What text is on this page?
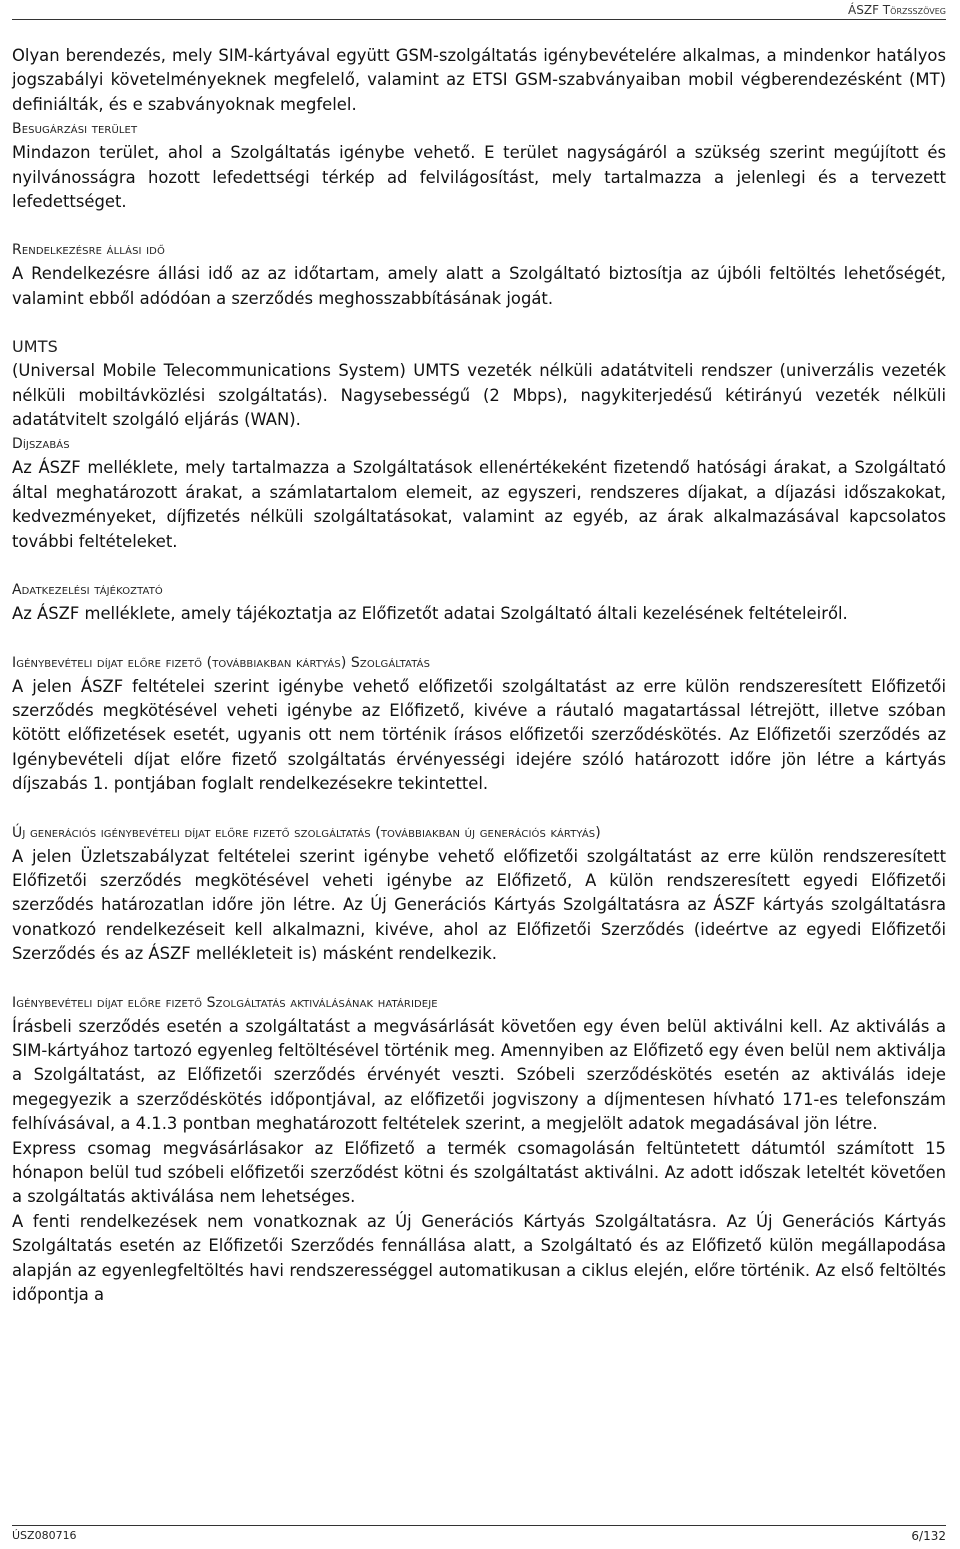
ÁSZF Törzsszöveg

Olyan berendezés, mely SIM-kártyával együtt GSM-szolgáltatás igénybevételére alkalmas, a mindenkor hatályos jogszabályi követelményeknek megfelelő, valamint az ETSI GSM-szabványaiban mobil végberendezésként (MT) definiálták, és e szabványoknak megfelel.

Besugárzási terület

Mindazon terület, ahol a Szolgáltatás igénybe vehető. E terület nagyságáról a szükség szerint megújított és nyilvánosságra hozott lefedettségi térkép ad felvilágosítást, mely tartalmazza a jelenlegi és a tervezett lefedettséget.

Rendelkezésre állási idő

A Rendelkezésre állási idő az az időtartam, amely alatt a Szolgáltató biztosítja az újbóli feltöltés lehetőségét, valamint ebből adódóan a szerződés meghosszabbításának jogát.

UMTS

(Universal Mobile Telecommunications System) UMTS vezeték nélküli adatátviteli rendszer (univerzális vezeték nélküli mobiltávközlési szolgáltatás). Nagysebességű (2 Mbps), nagykiterjedésű kétirányú vezeték nélküli adatátvitelt szolgáló eljárás (WAN).

Díjszabás

Az ÁSZF melléklete, mely tartalmazza a Szolgáltatások ellenértékeként fizetendő hatósági árakat, a Szolgáltató által meghatározott árakat, a számlatartalom elemeit, az egyszeri, rendszeres díjakat, a díjazási időszakokat, kedvezményeket, díjfizetés nélküli szolgáltatásokat, valamint az egyéb, az árak alkalmazásával kapcsolatos további feltételeket.

Adatkezelési tájékoztató

Az ÁSZF melléklete, amely tájékoztatja az Előfizetőt adatai Szolgáltató általi kezelésének feltételeiről.

Igénybevételi díjat előre fizető (továbbiakban kártyás) Szolgáltatás

A jelen ÁSZF feltételei szerint igénybe vehető előfizetői szolgáltatást az erre külön rendszeresített Előfizetői szerződés megkötésével veheti igénybe az Előfizető, kivéve a ráutaló magatartással létrejött, illetve szóban kötött előfizetések esetét, ugyanis ott nem történik írásos előfizetői szerződéskötés. Az Előfizetői szerződés az Igénybevételi díjat előre fizető szolgáltatás érvényességi idejére szóló határozott időre jön létre a kártyás díjszabás 1. pontjában foglalt rendelkezésekre tekintettel.

Új generációs igénybevételi díjat előre fizető szolgáltatás (továbbiakban új generációs kártyás)

A jelen Üzletszabályzat feltételei szerint igénybe vehető előfizetői szolgáltatást az erre külön rendszeresített Előfizetői szerződés megkötésével veheti igénybe az Előfizető, A külön rendszeresített egyedi Előfizetői szerződés határozatlan időre jön létre. Az Új Generációs Kártyás Szolgáltatásra az ÁSZF kártyás szolgáltatásra vonatkozó rendelkezéseit kell alkalmazni, kivéve, ahol az Előfizetői Szerződés (ideértve az egyedi Előfizetői Szerződés és az ÁSZF mellékleteit is) másként rendelkezik.

Igénybevételi díjat előre fizető Szolgáltatás aktiválásának határideje

Írásbeli szerződés esetén a szolgáltatást a megvásárlását követően egy éven belül aktiválni kell. Az aktiválás a SIM-kártyához tartozó egyenleg feltöltésével történik meg. Amennyiben az Előfizető egy éven belül nem aktiválja a Szolgáltatást, az Előfizetői szerződés érvényét veszti. Szóbeli szerződéskötés esetén az aktiválás ideje megegyezik a szerződéskötés időpontjával, az előfizetői jogviszony a díjmentesen hívható 171-es telefonszám felhívásával, a 4.1.3 pontban meghatározott feltételek szerint, a megjelölt adatok megadásával jön létre.

Express csomag megvásárlásakor az Előfizető a termék csomagolásán feltüntetett dátumtól számított 15 hónapon belül tud szóbeli előfizetői szerződést kötni és szolgáltatást aktiválni. Az adott időszak leteltét követően a szolgáltatás aktiválása nem lehetséges.

A fenti rendelkezések nem vonatkoznak az Új Generációs Kártyás Szolgáltatásra. Az Új Generációs Kártyás Szolgáltatás esetén az Előfizetői Szerződés fennállása alatt, a Szolgáltató és az Előfizető külön megállapodása alapján az egyenlegfeltöltés havi rendszerességgel automatikusan a ciklus elején, előre történik. Az első feltöltés időpontja a

ÚSZ080716	6/132
